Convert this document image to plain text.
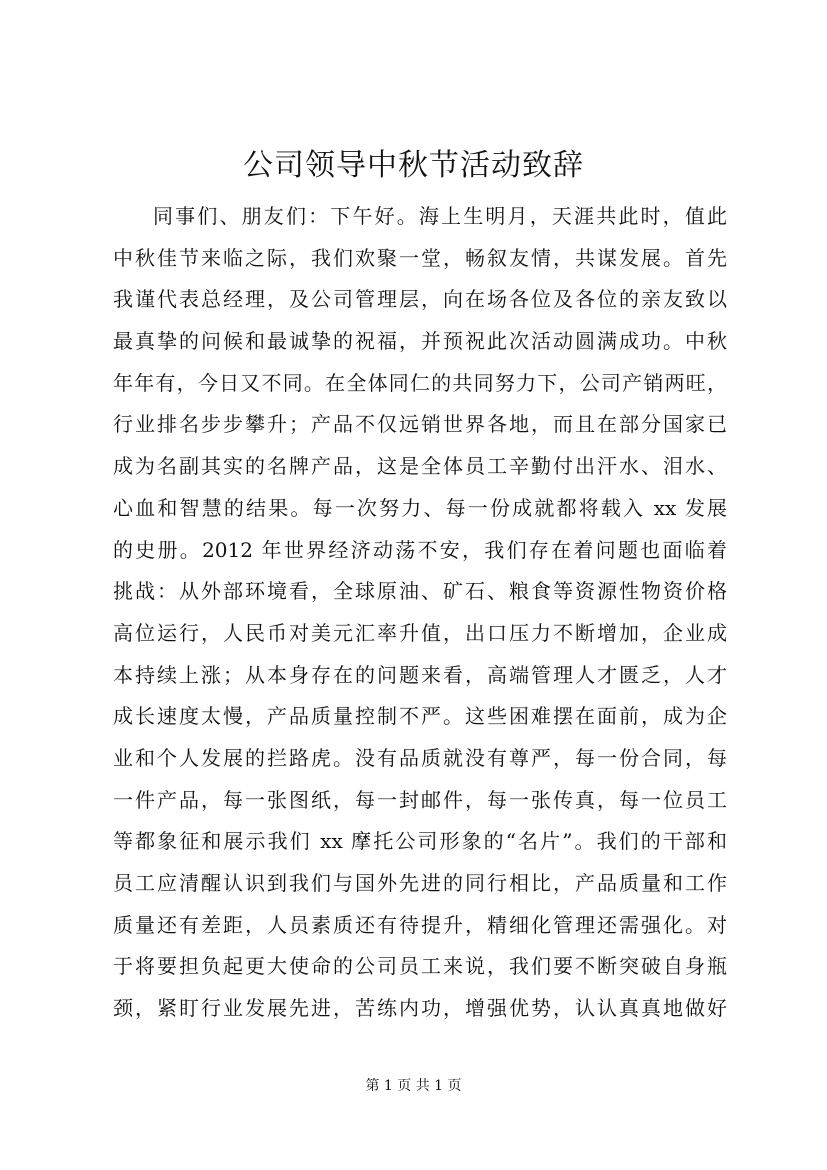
公司领导中秋节活动致辞
同事们、朋友们：下午好。海上生明月，天涯共此时，值此
中秋佳节来临之际，我们欢聚一堂，畅叙友情，共谋发展。首先
我谨代表总经理，及公司管理层，向在场各位及各位的亲友致以
最真挚的问候和最诚挚的祝福，并预祝此次活动圆满成功。中秋
年年有，今日又不同。在全体同仁的共同努力下，公司产销两旺，
行业排名步步攀升；产品不仅远销世界各地，而且在部分国家已
成为名副其实的名牌产品，这是全体员工辛勤付出汗水、泪水、
心血和智慧的结果。每一次努力、每一份成就都将载入 xx 发展
的史册。2012 年世界经济动荡不安，我们存在着问题也面临着
挑战：从外部环境看，全球原油、矿石、粮食等资源性物资价格
高位运行，人民币对美元汇率升值，出口压力不断增加，企业成
本持续上涨；从本身存在的问题来看，高端管理人才匮乏，人才
成长速度太慢，产品质量控制不严。这些困难摆在面前，成为企
业和个人发展的拦路虎。没有品质就没有尊严，每一份合同，每
一件产品，每一张图纸，每一封邮件，每一张传真，每一位员工
等都象征和展示我们 xx 摩托公司形象的“名片”。我们的干部和
员工应清醒认识到我们与国外先进的同行相比，产品质量和工作
质量还有差距，人员素质还有待提升，精细化管理还需强化。对
于将要担负起更大使命的公司员工来说，我们要不断突破自身瓶
颈，紧盯行业发展先进，苦练内功，增强优势，认认真真地做好
第 1 页 共 1 页
